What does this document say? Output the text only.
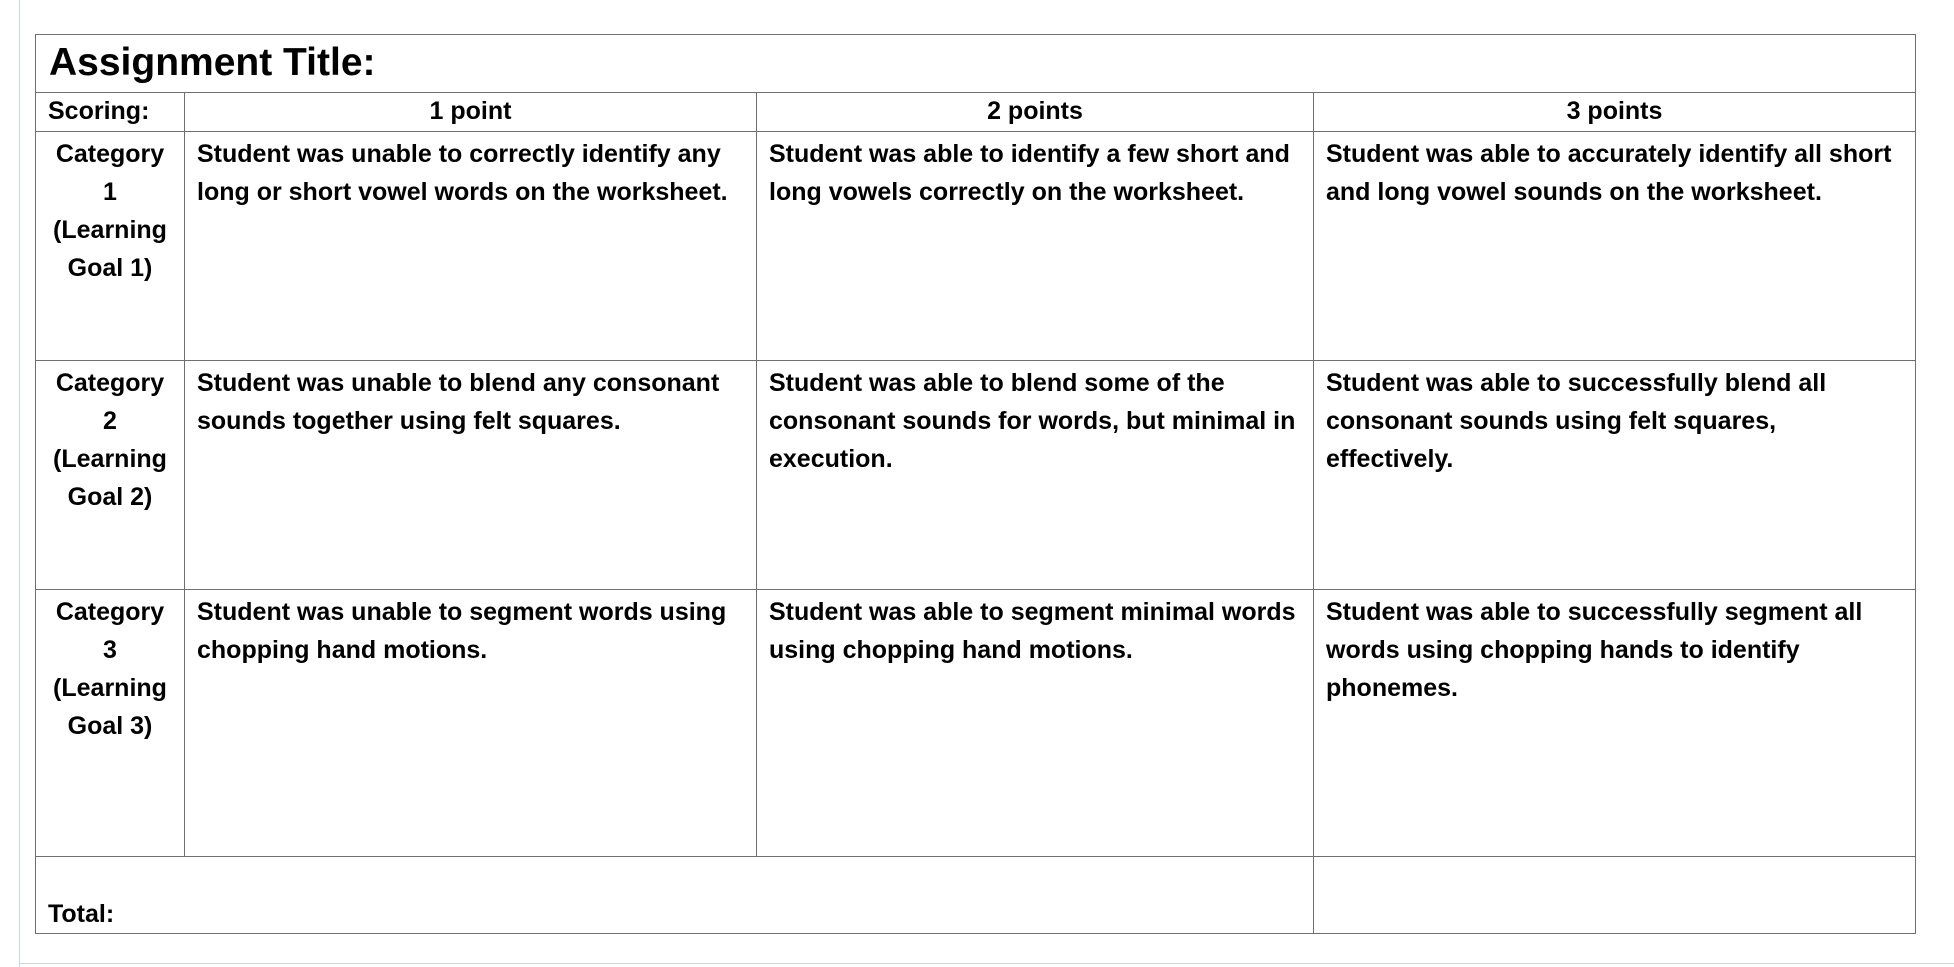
Assignment Title:			
Scoring:	1 point	2 points	3 points

Category
1
(Learning
Goal 1)	Student was unable to correctly identify any long or short vowel words on the worksheet.	Student was able to identify a few short and long vowels correctly on the worksheet.	Student was able to accurately identify all short and long vowel sounds on the worksheet.

Category
2
(Learning
Goal 2)	Student was unable to blend any consonant sounds together using felt squares.	Student was able to blend some of the consonant sounds for words, but minimal in execution.	Student was able to successfully blend all consonant sounds using felt squares, effectively.

Category
3
(Learning
Goal 3)	Student was unable to segment words using chopping hand motions.	Student was able to segment minimal words using chopping hand motions.	Student was able to successfully segment all words using chopping hands to identify phonemes.
Total:			
